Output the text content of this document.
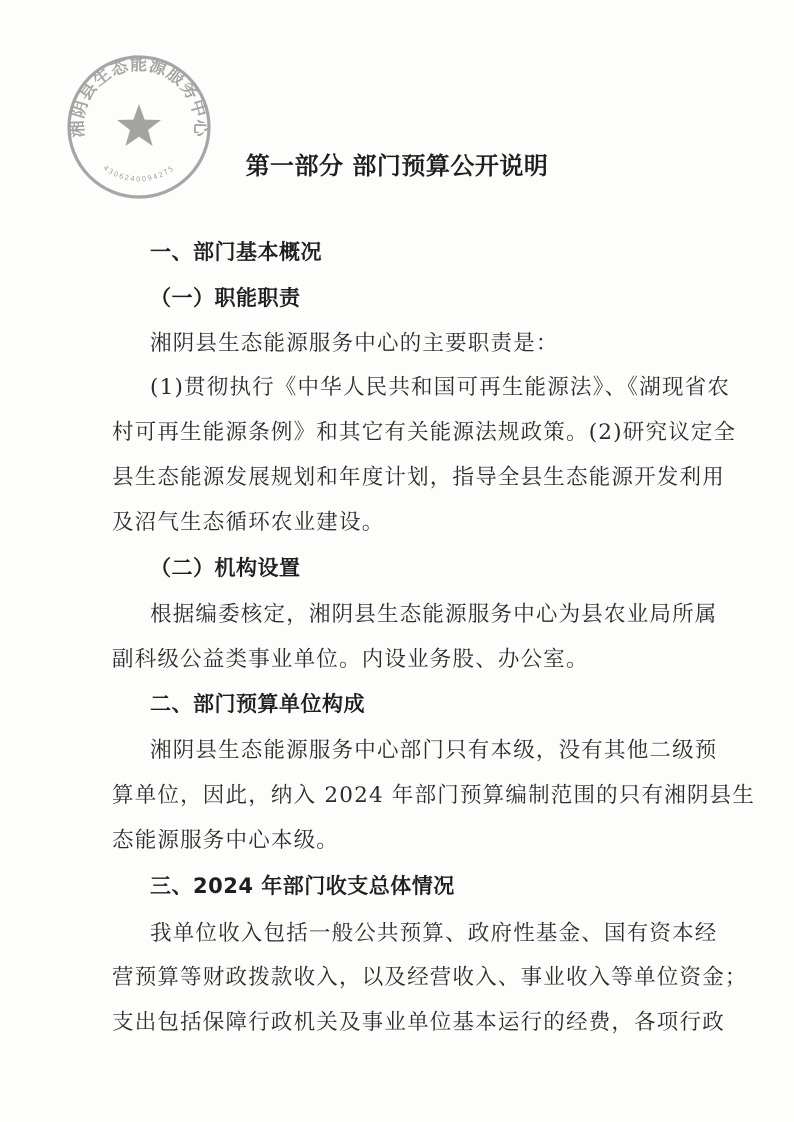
湘阴县生态能源服务中心
4306240094275	第一部分 部门预算公开说明
一、部门基本概况
（一）职能职责
湘阴县生态能源服务中心的主要职责是：
(1)贯彻执行《中华人民共和国可再生能源法》、《湖现省农
村可再生能源条例》和其它有关能源法规政策。(2)研究议定全
县生态能源发展规划和年度计划，指导全县生态能源开发利用
及沼气生态循环农业建设。
（二）机构设置
根据编委核定，湘阴县生态能源服务中心为县农业局所属
副科级公益类事业单位。内设业务股、办公室。
二、部门预算单位构成
湘阴县生态能源服务中心部门只有本级，没有其他二级预
算单位，因此，纳入 2024 年部门预算编制范围的只有湘阴县生
态能源服务中心本级。
三、2024 年部门收支总体情况
我单位收入包括一般公共预算、政府性基金、国有资本经
营预算等财政拨款收入，以及经营收入、事业收入等单位资金；
支出包括保障行政机关及事业单位基本运行的经费，各项行政
